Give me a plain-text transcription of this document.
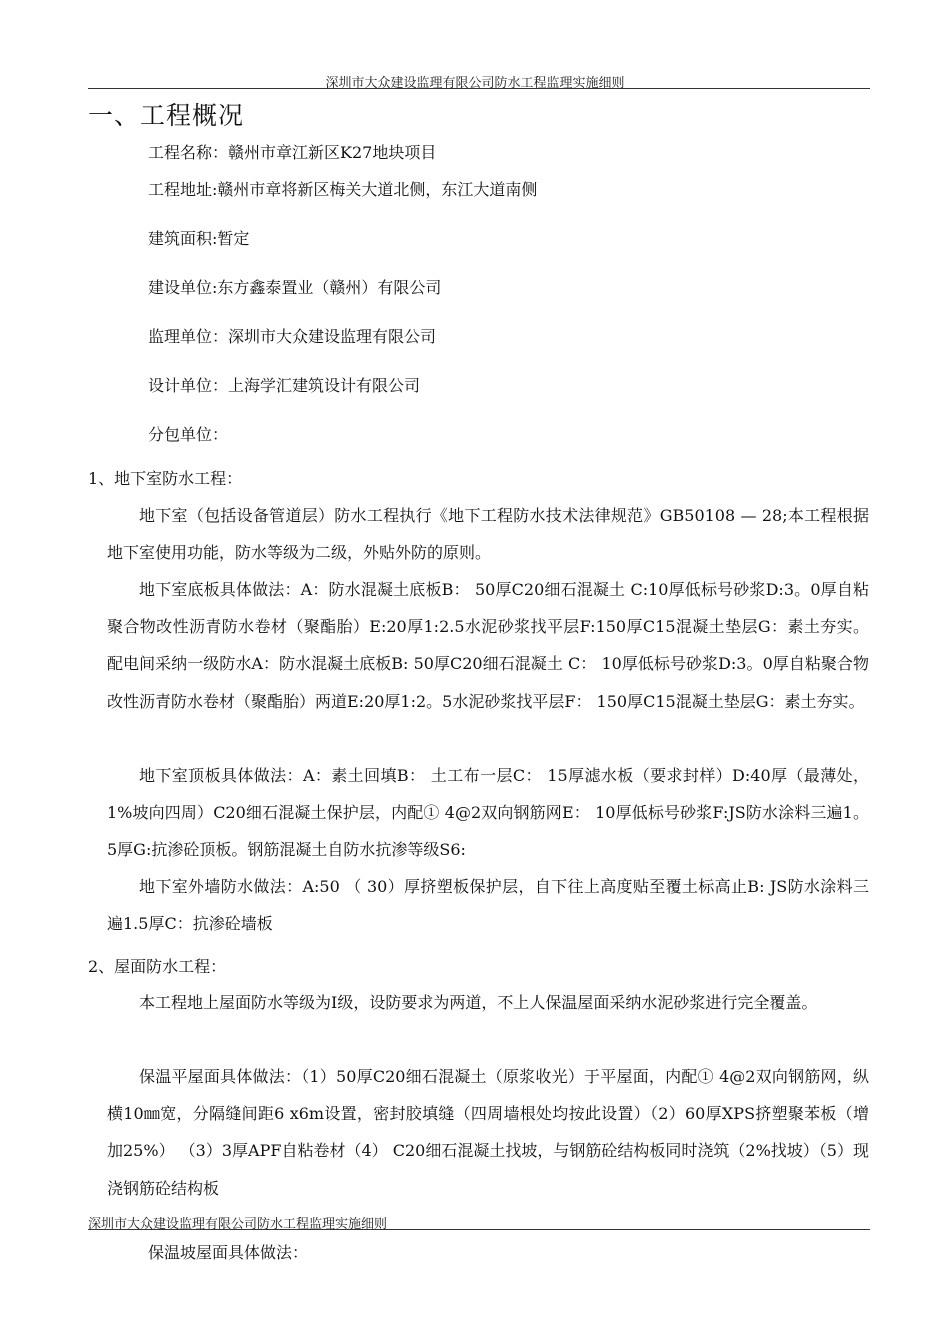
深圳市大众建设监理有限公司防水工程监理实施细则
一、工程概况
工程名称：赣州市章江新区K27地块项目
工程地址:赣州市章将新区梅关大道北侧，东江大道南侧
建筑面积:暂定
建设单位:东方鑫泰置业（赣州）有限公司
监理单位：深圳市大众建设监理有限公司
设计单位：上海学汇建筑设计有限公司
分包单位：
1、地下室防水工程：

地下室（包括设备管道层）防水工程执行《地下工程防水技术法律规范》GB50108 — 28;本工程根据地下室使用功能，防水等级为二级，外贴外防的原则。

地下室底板具体做法：A：防水混凝土底板B： 50厚C20细石混凝土 C:10厚低标号砂浆D:3。0厚自粘聚合物改性沥青防水卷材（聚酯胎）E:20厚1:2.5水泥砂浆找平层F:150厚C15混凝土垫层G：素土夯实。配电间采纳一级防水A：防水混凝土底板B: 50厚C20细石混凝土 C： 10厚低标号砂浆D:3。0厚自粘聚合物改性沥青防水卷材（聚酯胎）两道E:20厚1:2。5水泥砂浆找平层F： 150厚C15混凝土垫层G：素土夯实。

地下室顶板具体做法：A：素土回填B： 土工布一层C： 15厚滤水板（要求封样）D:40厚（最薄处，1%坡向四周）C20细石混凝土保护层，内配① 4@2双向钢筋网E： 10厚低标号砂浆F:JS防水涂料三遍1。5厚G:抗渗砼顶板。钢筋混凝土自防水抗渗等级S6:

地下室外墙防水做法：A:50 （ 30）厚挤塑板保护层，自下往上高度贴至覆土标高止B: JS防水涂料三遍1.5厚C：抗渗砼墙板

2、屋面防水工程：

本工程地上屋面防水等级为Ⅰ级，设防要求为两道，不上人保温屋面采纳水泥砂浆进行完全覆盖。

保温平屋面具体做法：（1）50厚C20细石混凝土（原浆收光）于平屋面，内配① 4@2双向钢筋网，纵横10㎜宽，分隔缝间距6 x6m设置，密封胶填缝（四周墙根处均按此设置）（2）60厚XPS挤塑聚苯板（增加25%） （3）3厚APF自粘卷材（4） C20细石混凝土找坡，与钢筋砼结构板同时浇筑（2%找坡）（5）现浇钢筋砼结构板

深圳市大众建设监理有限公司防水工程监理实施细则
保温坡屋面具体做法：
